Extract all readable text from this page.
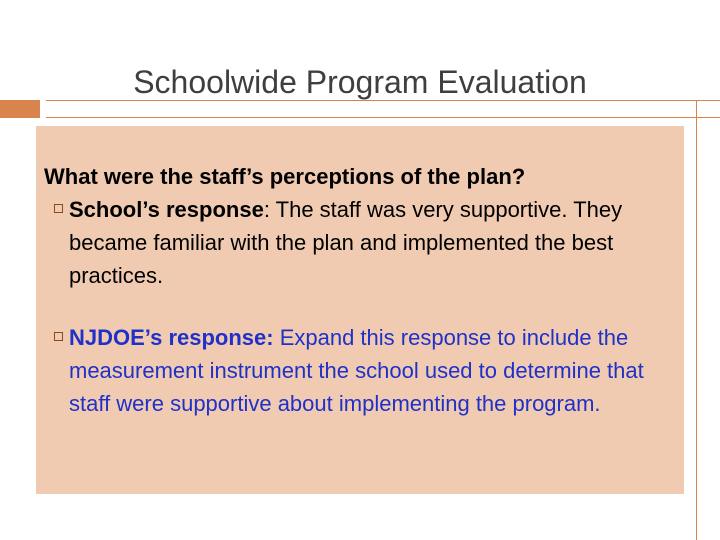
Schoolwide Program Evaluation

What were the staff’s perceptions of the plan?

School’s response: The staff was very supportive. They became familiar with the plan and implemented the best practices.

NJDOE’s response: Expand this response to include the measurement instrument the school used to determine that staff were supportive about implementing the program.
